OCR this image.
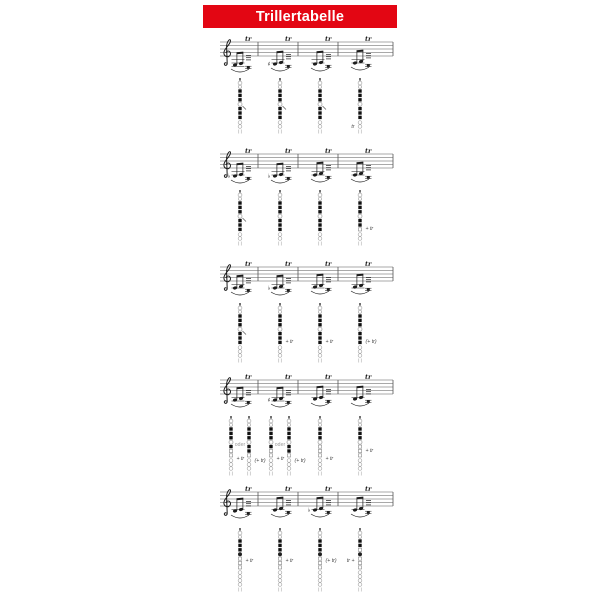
Trillertabelle
tr	tr
♯
tr	tr
tr
tr
♭
tr
♭
tr	tr
+ tr
tr	tr
♭
+ tr
tr
+ tr
tr
(+ tr)
tr
oder
+ tr (+ tr)
tr
♯
oder
+ tr (+ tr)
tr
+ tr
tr
+ tr
tr
+ tr
tr
+ tr
tr
♭
(+ tr)
tr
tr +
